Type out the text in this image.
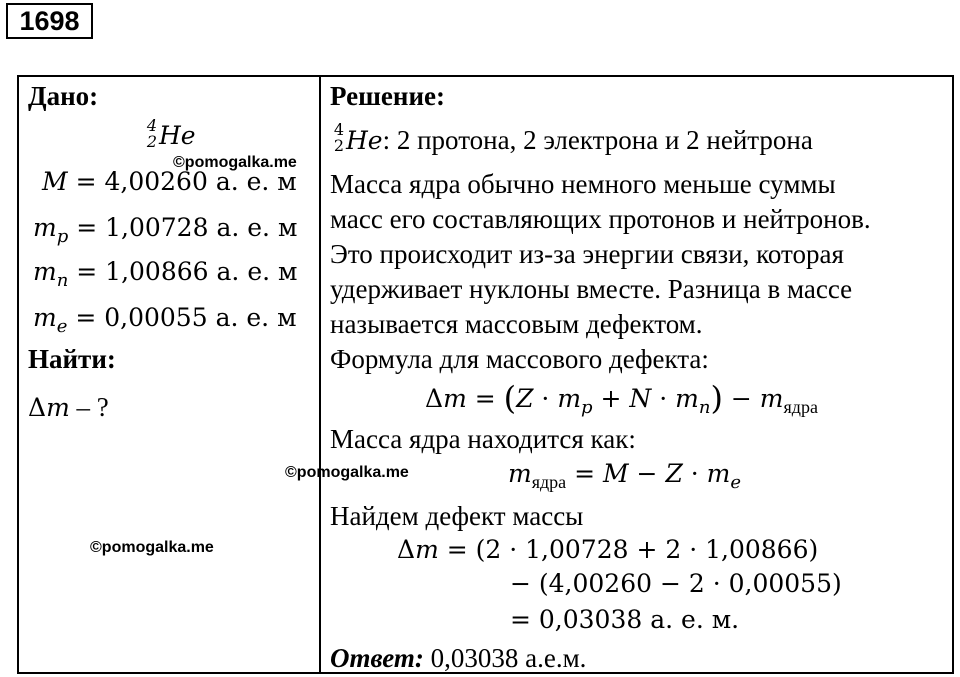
1698
Дано:
4
2 He
M = 4,00260 а. е. м
$m_p = 1,00728$ а. е. м
$m_n = 1,00866$ а. е. м
$m_e = 0,00055$ а. е. м
Найти:
Δm – ?
Решение:
4
2 He: 2 протона, 2 электрона и 2 нейтрона
Масса ядра обычно немного меньше суммы
масс его составляющих протонов и нейтронов.
Это происходит из-за энергии связи, которая
удерживает нуклоны вместе. Разница в массе
называется массовым дефектом.
Формула для массового дефекта:
$\Delta m = (Z \cdot m_p + N \cdot m_n) - m_{ядра}$
Масса ядра находится как:
$m_{ядра} = M - Z \cdot m_e$
Найдем дефект массы
Δm = (2 · 1,00728 + 2 · 1,00866)
− (4,00260 − 2 · 0,00055)
= 0,03038 а. е. м.
Ответ: 0,03038 а.е.м.
©pomogalka.me
©pomogalka.me
©pomogalka.me
